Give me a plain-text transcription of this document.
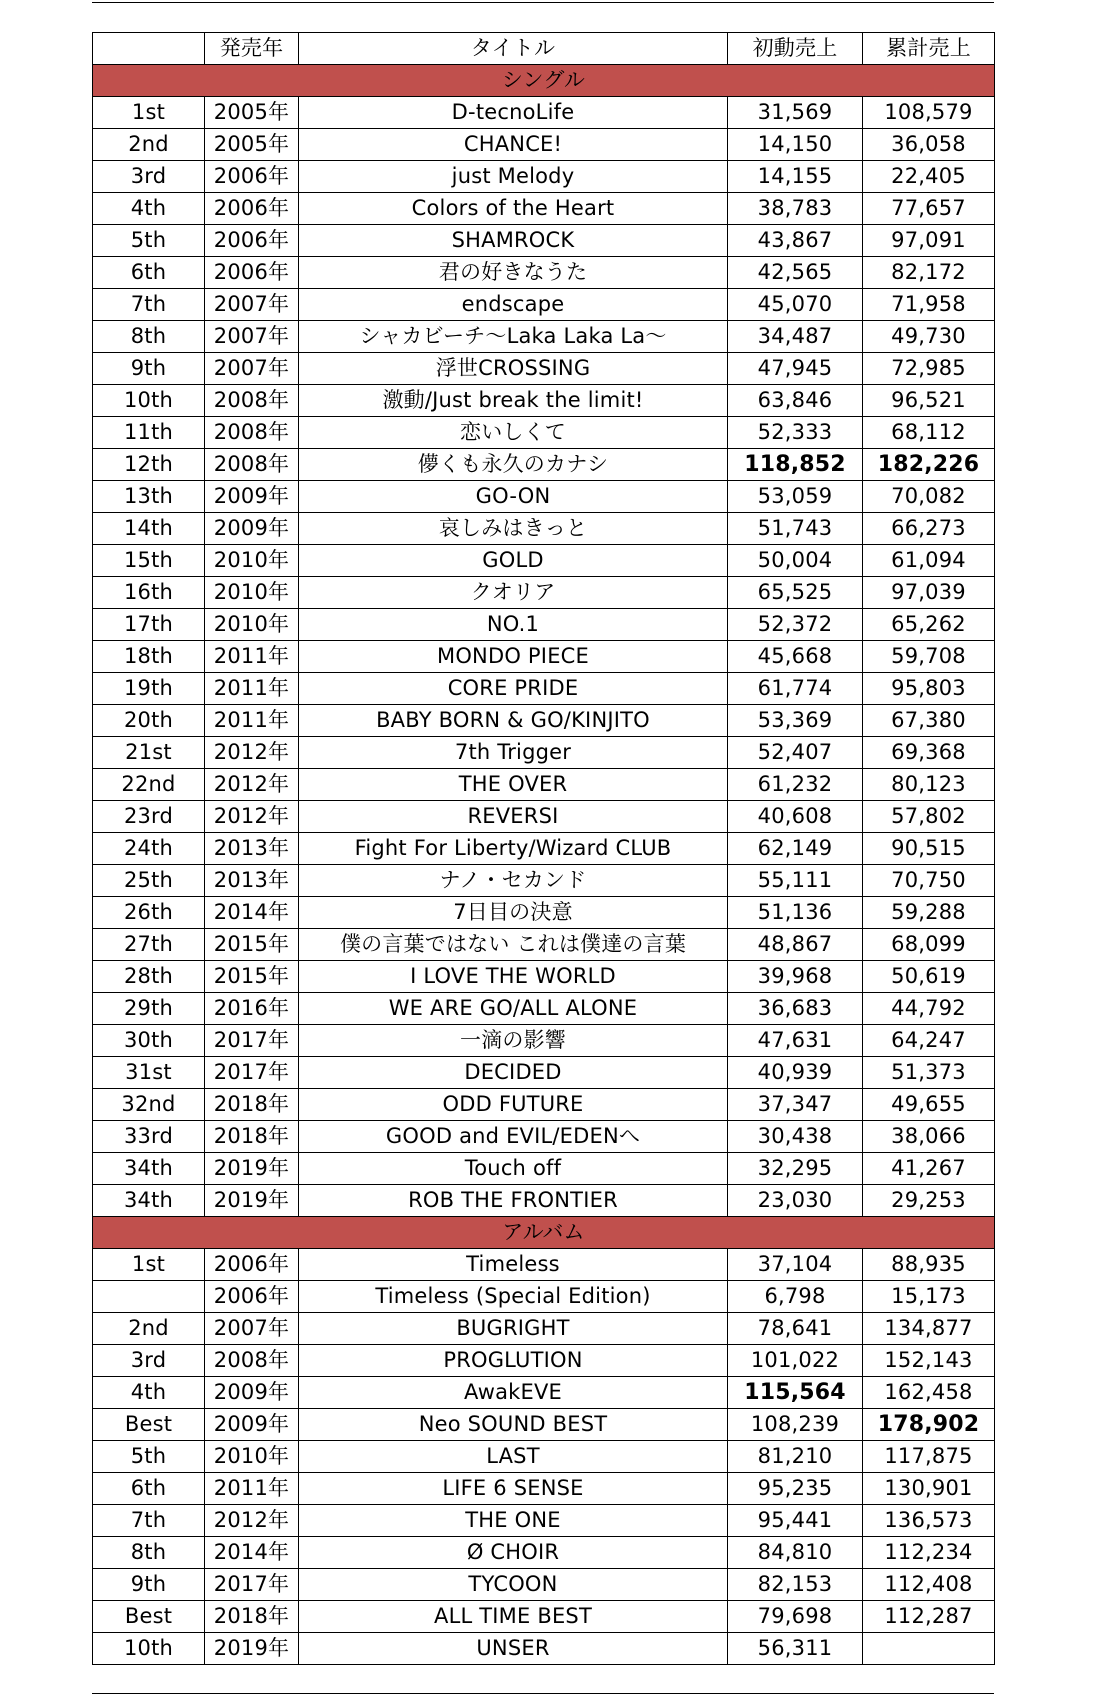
	発売年	タイトル	初動売上	累計売上
シングル				
1st	2005年	D-tecnoLife	31,569	108,579
2nd	2005年	CHANCE!	14,150	36,058
3rd	2006年	just Melody	14,155	22,405
4th	2006年	Colors of the Heart	38,783	77,657
5th	2006年	SHAMROCK	43,867	97,091
6th	2006年	君の好きなうた	42,565	82,172
7th	2007年	endscape	45,070	71,958
8th	2007年	シャカビーチ〜Laka Laka La〜	34,487	49,730
9th	2007年	浮世CROSSING	47,945	72,985
10th	2008年	激動/Just break the limit!	63,846	96,521
11th	2008年	恋いしくて	52,333	68,112
12th	2008年	儚くも永久のカナシ	118,852	182,226
13th	2009年	GO-ON	53,059	70,082
14th	2009年	哀しみはきっと	51,743	66,273
15th	2010年	GOLD	50,004	61,094
16th	2010年	クオリア	65,525	97,039
17th	2010年	NO.1	52,372	65,262
18th	2011年	MONDO PIECE	45,668	59,708
19th	2011年	CORE PRIDE	61,774	95,803
20th	2011年	BABY BORN & GO/KINJITO	53,369	67,380
21st	2012年	7th Trigger	52,407	69,368
22nd	2012年	THE OVER	61,232	80,123
23rd	2012年	REVERSI	40,608	57,802
24th	2013年	Fight For Liberty/Wizard CLUB	62,149	90,515
25th	2013年	ナノ・セカンド	55,111	70,750
26th	2014年	7日目の決意	51,136	59,288
27th	2015年	僕の言葉ではない これは僕達の言葉	48,867	68,099
28th	2015年	I LOVE THE WORLD	39,968	50,619
29th	2016年	WE ARE GO/ALL ALONE	36,683	44,792
30th	2017年	一滴の影響	47,631	64,247
31st	2017年	DECIDED	40,939	51,373
32nd	2018年	ODD FUTURE	37,347	49,655
33rd	2018年	GOOD and EVIL/EDENへ	30,438	38,066
34th	2019年	Touch off	32,295	41,267
34th	2019年	ROB THE FRONTIER	23,030	29,253
アルバム				
1st	2006年	Timeless	37,104	88,935
	2006年	Timeless (Special Edition)	6,798	15,173
2nd	2007年	BUGRIGHT	78,641	134,877
3rd	2008年	PROGLUTION	101,022	152,143
4th	2009年	AwakEVE	115,564	162,458
Best	2009年	Neo SOUND BEST	108,239	178,902
5th	2010年	LAST	81,210	117,875
6th	2011年	LIFE 6 SENSE	95,235	130,901
7th	2012年	THE ONE	95,441	136,573
8th	2014年	Ø CHOIR	84,810	112,234
9th	2017年	TYCOON	82,153	112,408
Best	2018年	ALL TIME BEST	79,698	112,287
10th	2019年	UNSER	56,311	
